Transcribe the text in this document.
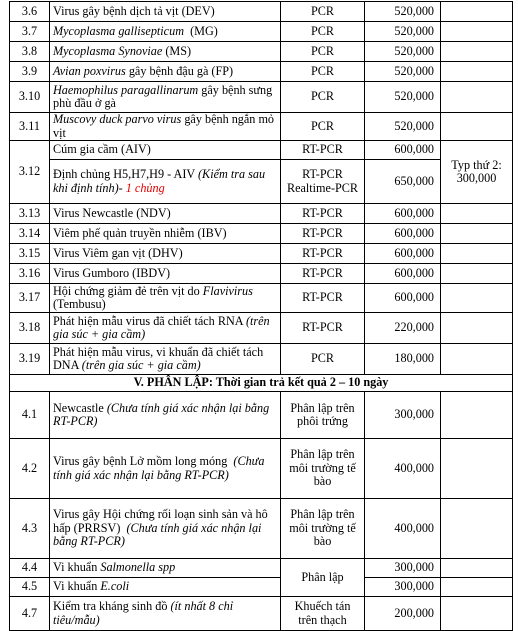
3.6	Virus gây bệnh dịch tả vịt (DEV)	PCR	520,000	
3.7	Mycoplasma gallisepticum  (MG)	PCR	520,000	
3.8	Mycoplasma Synoviae (MS)	PCR	520,000	
3.9	Avian poxvirus gây bệnh đậu gà (FP)	PCR	520,000	
3.10	Haemophilus paragallinarum gây bệnh sưng phù đầu ở gà	PCR	520,000	
3.11	Muscovy duck parvo virus gây bệnh ngắn mỏ vịt	PCR	520,000	
3.12	Cúm gia cầm (AIV)	RT-PCR	600,000	Typ thứ 2: 300,000
	Định chủng H5,H7,H9 - AIV (Kiểm tra sau khi định tính)- 1 chủng	RT-PCR Realtime-PCR	650,000	
3.13	Virus Newcastle (NDV)	RT-PCR	600,000	
3.14	Viêm phế quản truyền nhiễm (IBV)	RT-PCR	600,000	
3.15	Virus Viêm gan vịt (DHV)	RT-PCR	600,000	
3.16	Virus Gumboro (IBDV)	RT-PCR	600,000	
3.17	Hội chứng giảm đẻ trên vịt do Flavivirus (Tembusu)	RT-PCR	600,000	
3.18	Phát hiện mẫu virus đã chiết tách RNA (trên gia súc + gia cầm)	RT-PCR	220,000	
3.19	Phát hiện mẫu virus, vi khuẩn đã chiết tách DNA (trên gia súc + gia cầm)	PCR	180,000	
V. PHÂN LẬP: Thời gian trả kết quả 2 – 10 ngày				
4.1	Newcastle (Chưa tính giá xác nhận lại bằng RT-PCR)	Phân lập trên phôi trứng	300,000	
4.2	Virus gây bệnh Lở mồm long móng  (Chưa tính giá xác nhận lại bằng RT-PCR)	Phân lập trên môi trường tế bào	400,000	
4.3	Virus gây Hội chứng rối loạn sinh sản và hô hấp (PRRSV)  (Chưa tính giá xác nhận lại bằng RT-PCR)	Phân lập trên môi trường tế bào	400,000	
4.4	Vi khuẩn Salmonella spp	Phân lập	300,000	
4.5	Vi khuẩn E.coli		300,000	
4.7	Kiểm tra kháng sinh đồ (ít nhất 8 chỉ tiêu/mẫu)	Khuếch tán trên thạch	200,000	
